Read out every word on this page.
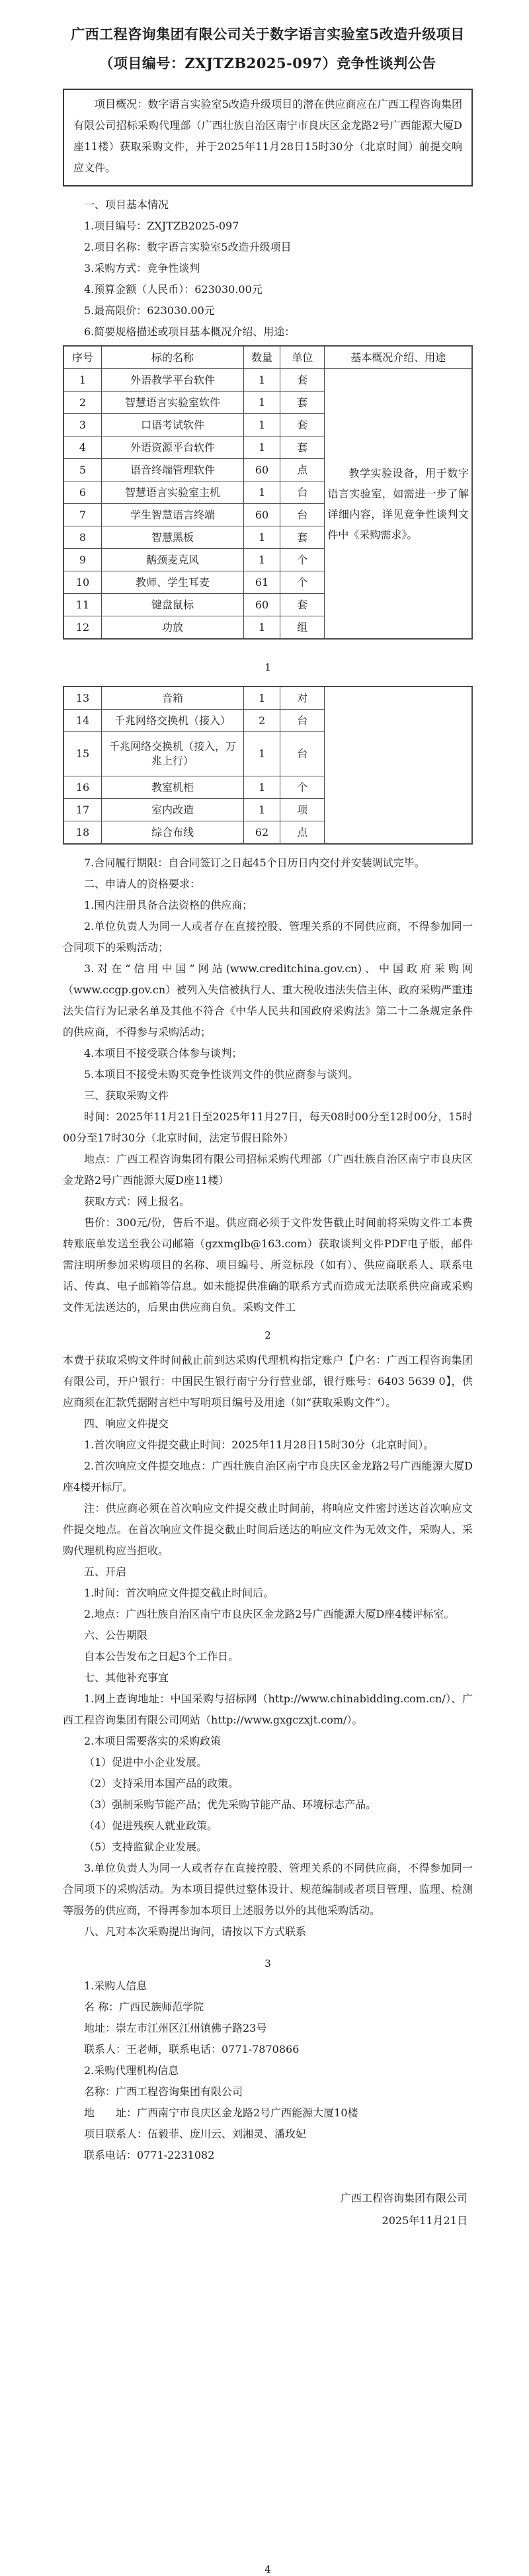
广西工程咨询集团有限公司关于数字语言实验室5改造升级项目
（项目编号：ZXJTZB2025-097）竞争性谈判公告

项目概况：数字语言实验室5改造升级项目的潜在供应商应在广西工程咨询集团有限公司招标采购代理部（广西壮族自治区南宁市良庆区金龙路2号广西能源大厦D座11楼）获取采购文件，并于2025年11月28日15时30分（北京时间）前提交响应文件。

一、项目基本情况

1.项目编号：ZXJTZB2025-097

2.项目名称：数字语言实验室5改造升级项目

3.采购方式：竞争性谈判

4.预算金额（人民币）：623030.00元

5.最高限价：623030.00元

6.简要规格描述或项目基本概况介绍、用途：

序号	标的名称	数量	单位	基本概况介绍、用途
1	外语教学平台软件	1	套	教学实验设备，用于数字语言实验室，如需进一步了解详细内容，详见竞争性谈判文件中《采购需求》。

2	智慧语言实验室软件	1	套	
3	口语考试软件	1	套	
4	外语资源平台软件	1	套	
5	语音终端管理软件	60	点	
6	智慧语言实验室主机	1	台	
7	学生智慧语言终端	60	台	
8	智慧黑板	1	套	
9	鹅颈麦克风	1	个	
10	教师、学生耳麦	61	个	
11	键盘鼠标	60	套	
12	功放	1	组	
1
13	音箱	1	对	
14	千兆网络交换机（接入）	2	台	
15	千兆网络交换机（接入，万兆上行）	1	台	
16	教室机柜	1	个	
17	室内改造	1	项	
18	综合布线	62	点	

7.合同履行期限：自合同签订之日起45个日历日内交付并安装调试完毕。

二、申请人的资格要求：

1.国内注册具备合法资格的供应商；

2.单位负责人为同一人或者存在直接控股、管理关系的不同供应商，不得参加同一合同项下的采购活动；

3.对在“信用中国”网站(www.creditchina.gov.cn)、中国政府采购网（www.ccgp.gov.cn）被列入失信被执行人、重大税收违法失信主体、政府采购严重违法失信行为记录名单及其他不符合《中华人民共和国政府采购法》第二十二条规定条件的供应商，不得参与采购活动；

4.本项目不接受联合体参与谈判；

5.本项目不接受未购买竞争性谈判文件的供应商参与谈判。

三、获取采购文件

时间：2025年11月21日至2025年11月27日，每天08时00分至12时00分，15时00分至17时30分（北京时间，法定节假日除外）

地点：广西工程咨询集团有限公司招标采购代理部（广西壮族自治区南宁市良庆区金龙路2号广西能源大厦D座11楼）

获取方式：网上报名。

售价：300元/份，售后不退。供应商必须于文件发售截止时间前将采购文件工本费转账底单发送至我公司邮箱（gzxmglb@163.com）获取谈判文件PDF电子版，邮件需注明所参加采购项目的名称、项目编号、所竞标段（如有）、供应商联系人、联系电话、传真、电子邮箱等信息。如未能提供准确的联系方式而造成无法联系供应商或采购文件无法送达的，后果由供应商自负。采购文件工

2

本费于获取采购文件时间截止前到达采购代理机构指定账户【户名：广西工程咨询集团有限公司，开户银行：中国民生银行南宁分行营业部，银行账号：6403 5639 0】，供应商须在汇款凭据附言栏中写明项目编号及用途（如“获取采购文件”）。

四、响应文件提交

1.首次响应文件提交截止时间：2025年11月28日15时30分（北京时间）。

2.首次响应文件提交地点：广西壮族自治区南宁市良庆区金龙路2号广西能源大厦D座4楼开标厅。

注：供应商必须在首次响应文件提交截止时间前，将响应文件密封送达首次响应文件提交地点。在首次响应文件提交截止时间后送达的响应文件为无效文件，采购人、采购代理机构应当拒收。

五、开启

1.时间：首次响应文件提交截止时间后。

2.地点：广西壮族自治区南宁市良庆区金龙路2号广西能源大厦D座4楼评标室。

六、公告期限

自本公告发布之日起3个工作日。

七、其他补充事宜

1.网上查询地址：中国采购与招标网（http://www.chinabidding.com.cn/）、广西工程咨询集团有限公司网站（http://www.gxgczxjt.com/）。

2.本项目需要落实的采购政策

（1）促进中小企业发展。

（2）支持采用本国产品的政策。

（3）强制采购节能产品；优先采购节能产品、环境标志产品。

（4）促进残疾人就业政策。

（5）支持监狱企业发展。

3.单位负责人为同一人或者存在直接控股、管理关系的不同供应商，不得参加同一合同项下的采购活动。为本项目提供过整体设计、规范编制或者项目管理、监理、检测等服务的供应商，不得再参加本项目上述服务以外的其他采购活动。

八、凡对本次采购提出询问，请按以下方式联系

3

1.采购人信息

名 称：广西民族师范学院

地址：崇左市江州区江州镇佛子路23号

联系人：王老师，联系电话：0771-7870866

2.采购代理机构信息

名称：广西工程咨询集团有限公司

地　　址：广西南宁市良庆区金龙路2号广西能源大厦10楼

项目联系人：伍毅菲、庞川云、刘湘灵、潘玫妃

联系电话：0771-2231082

广西工程咨询集团有限公司

2025年11月21日

4
